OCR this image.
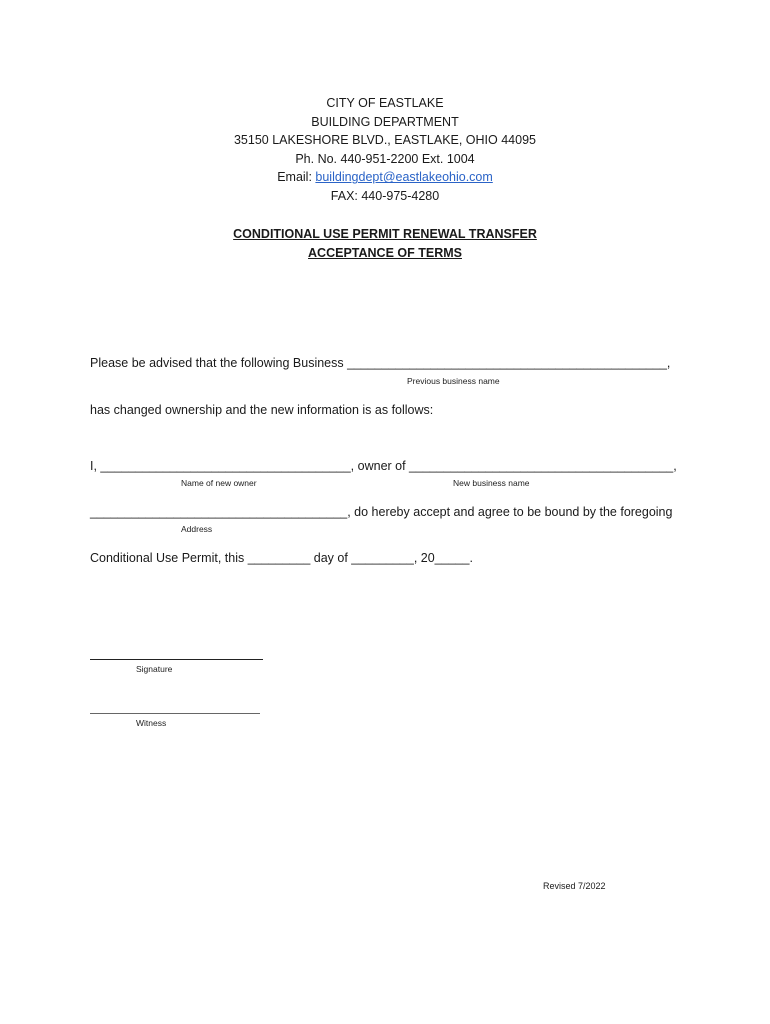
CITY OF EASTLAKE
BUILDING DEPARTMENT
35150 LAKESHORE BLVD., EASTLAKE, OHIO 44095
Ph. No. 440-951-2200 Ext. 1004
Email: buildingdept@eastlakeohio.com
FAX: 440-975-4280
CONDITIONAL USE PERMIT RENEWAL TRANSFER
ACCEPTANCE OF TERMS
Please be advised that the following Business ______________________________________________,
Previous business name
has changed ownership and the new information is as follows:
I, ____________________________________, owner of ______________________________________,
Name of new owner	New business name
_____________________________________, do hereby accept and agree to be bound by the foregoing
Address
Conditional Use Permit, this _________ day of _________, 20_____.
Signature
Witness
Revised 7/2022
